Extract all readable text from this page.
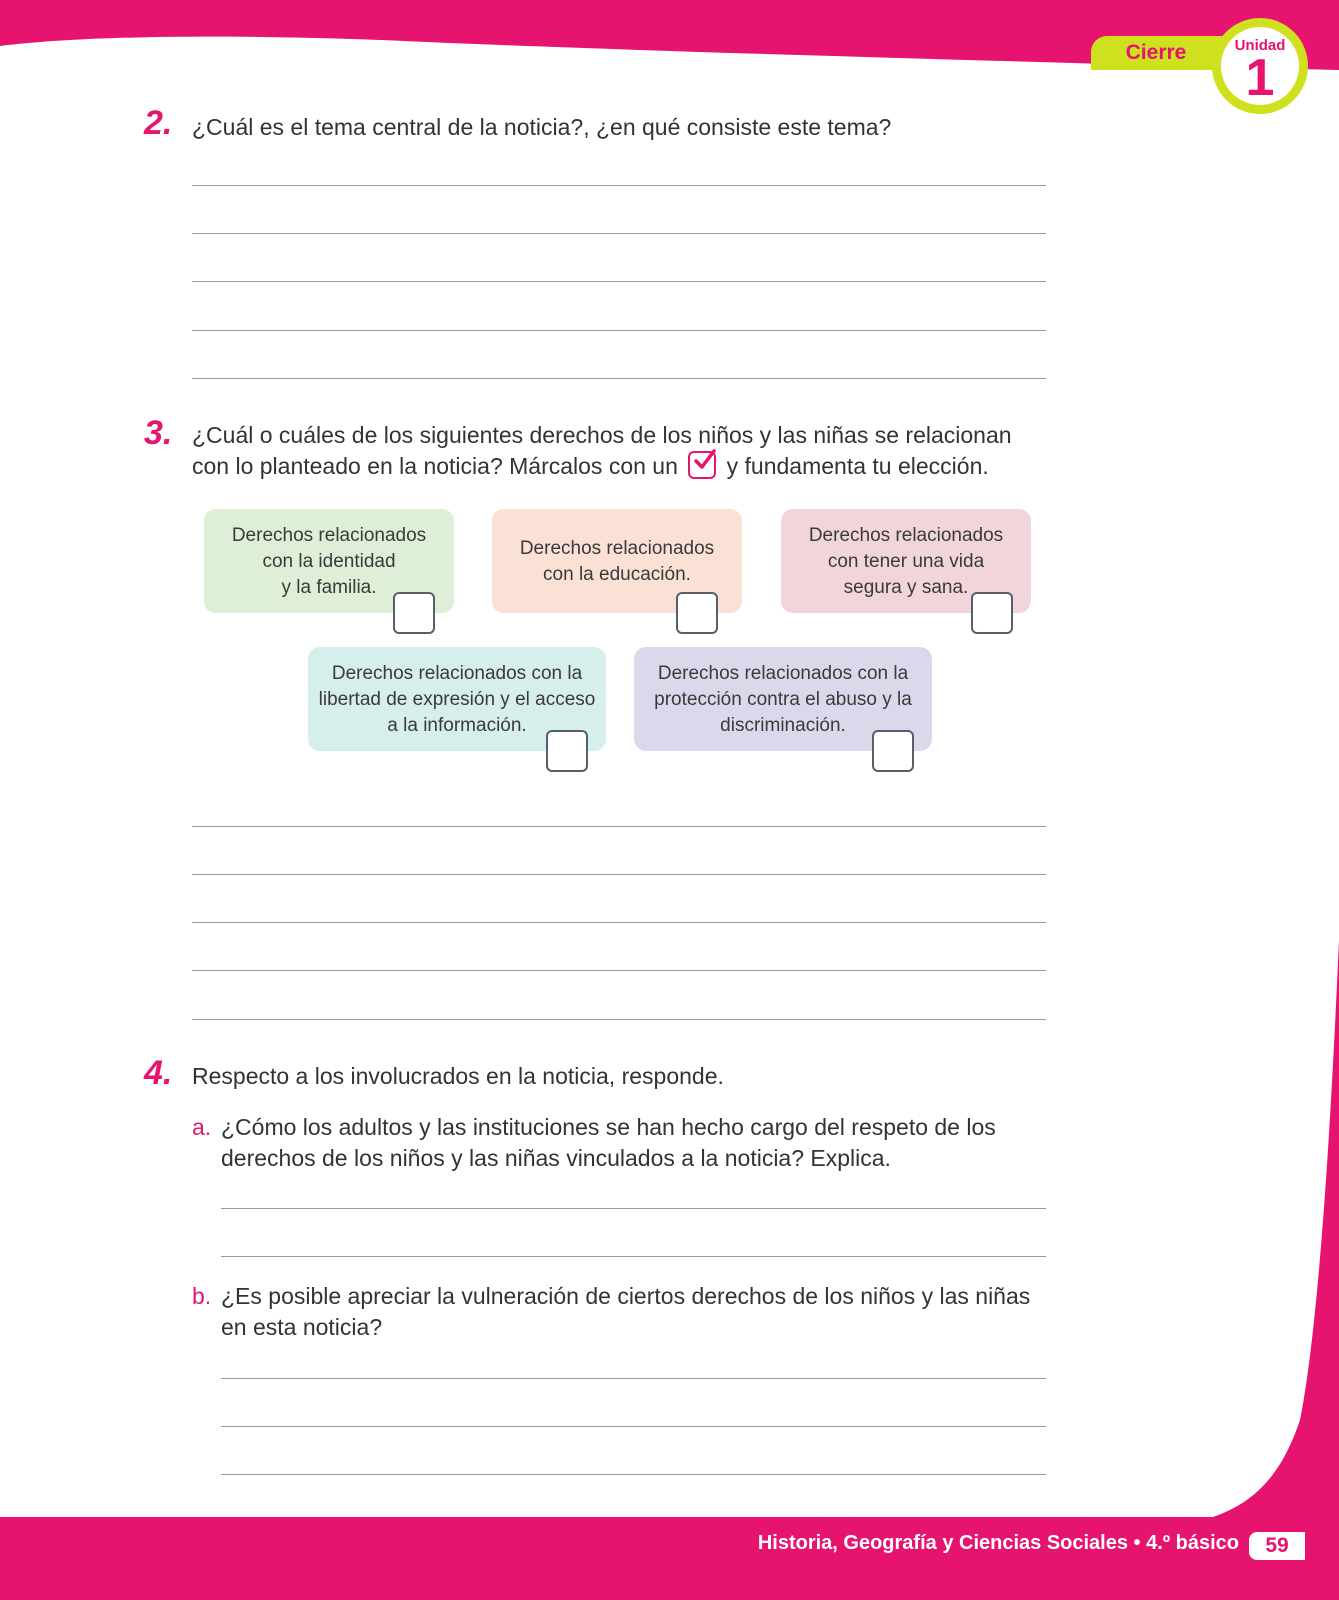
Cierre	Unidad
1
2. ¿Cuál es el tema central de la noticia?, ¿en qué consiste este tema?
3. ¿Cuál o cuáles de los siguientes derechos de los niños y las niñas se relacionan
con lo planteado en la noticia? Márcalos con un y fundamenta tu elección.
Derechos relacionados
con la identidad
y la familia.
Derechos relacionados
con la educación.
Derechos relacionados
con tener una vida
segura y sana.
Derechos relacionados con la
libertad de expresión y el acceso
a la información.
Derechos relacionados con la
protección contra el abuso y la
discriminación.
4. Respecto a los involucrados en la noticia, responde.
a. ¿Cómo los adultos y las instituciones se han hecho cargo del respeto de los
derechos de los niños y las niñas vinculados a la noticia? Explica.
b. ¿Es posible apreciar la vulneración de ciertos derechos de los niños y las niñas
en esta noticia?
Historia, Geografía y Ciencias Sociales • 4.º básico	59
